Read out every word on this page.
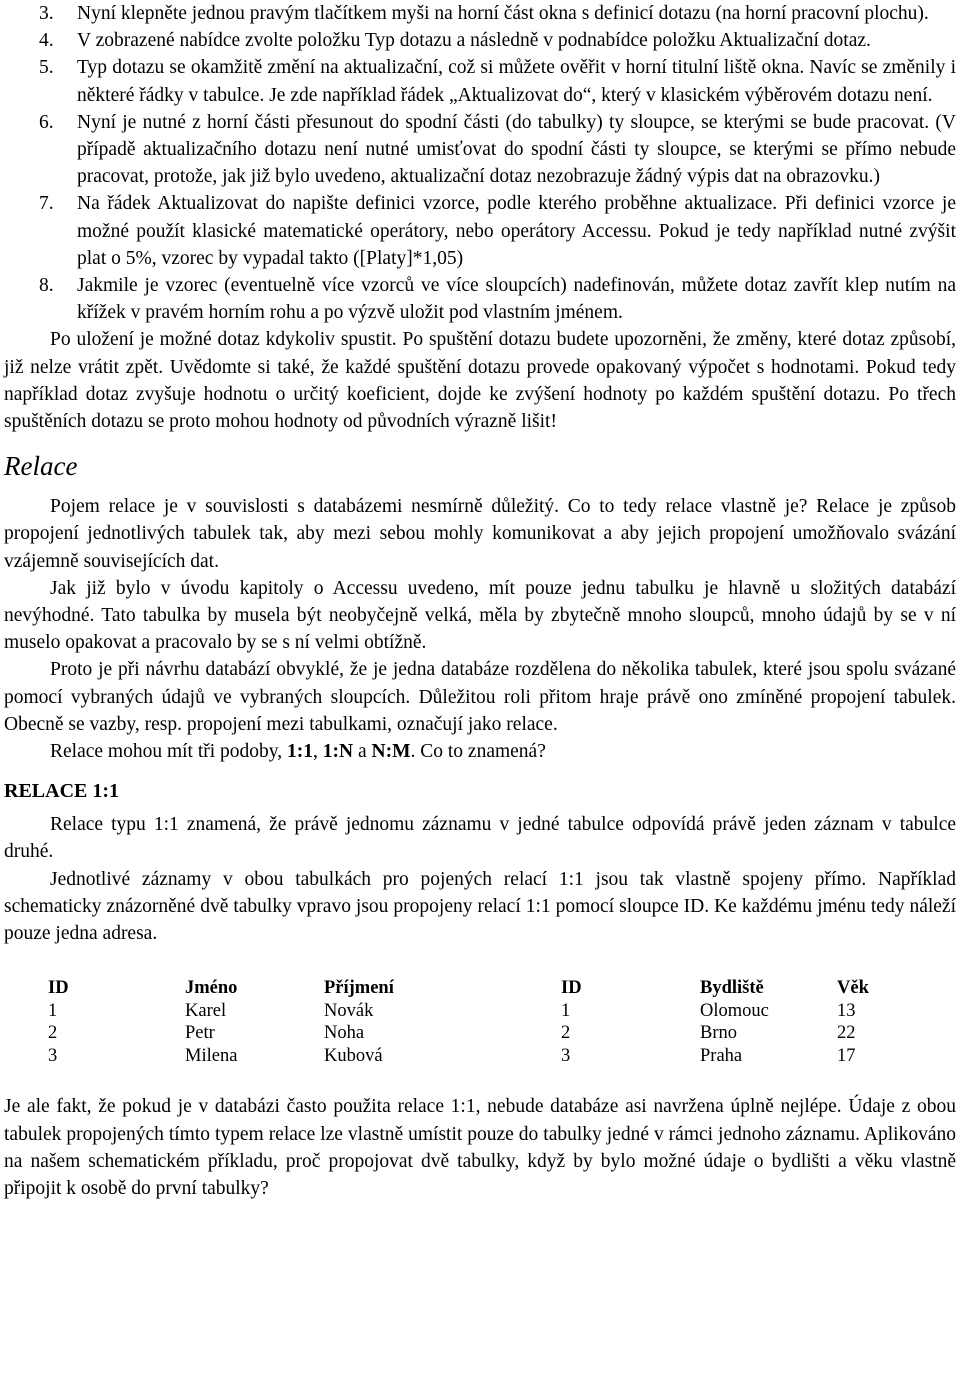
3. Nyní klepněte jednou pravým tlačítkem myši na horní část okna s definicí dotazu (na horní pracovní plochu).
4. V zobrazené nabídce zvolte položku Typ dotazu a následně v podnabídce položku Aktualizační dotaz.
5. Typ dotazu se okamžitě změní na aktualizační, což si můžete ověřit v horní titulní liště okna. Navíc se změnily i některé řádky v tabulce. Je zde například řádek „Aktualizovat do“, který v klasickém výběrovém dotazu není.
6. Nyní je nutné z horní části přesunout do spodní části (do tabulky) ty sloupce, se kterými se bude pracovat. (V případě aktualizačního dotazu není nutné umisťovat do spodní části ty sloupce, se kterými se přímo nebude pracovat, protože, jak již bylo uvedeno, aktualizační dotaz nezobrazuje žádný výpis dat na obrazovku.)
7. Na řádek Aktualizovat do napište definici vzorce, podle kterého proběhne aktualizace. Při definici vzorce je možné použít klasické matematické operátory, nebo operátory Accessu. Pokud je tedy například nutné zvýšit plat o 5%, vzorec by vypadal takto ([Platy]*1,05)
8. Jakmile je vzorec (eventuelně více vzorců ve více sloupcích) nadefinován, můžete dotaz zavřít klep nutím na křížek v pravém horním rohu a po výzvě uložit pod vlastním jménem.

Po uložení je možné dotaz kdykoliv spustit. Po spuštění dotazu budete upozorněni, že změny, které dotaz způsobí, již nelze vrátit zpět. Uvědomte si také, že každé spuštění dotazu provede opakovaný výpočet s hodnotami. Pokud tedy například dotaz zvyšuje hodnotu o určitý koeficient, dojde ke zvýšení hodnoty po každém spuštění dotazu. Po třech spuštěních dotazu se proto mohou hodnoty od původních výrazně lišit!

Relace

Pojem relace je v souvislosti s databázemi nesmírně důležitý. Co to tedy relace vlastně je? Relace je způsob propojení jednotlivých tabulek tak, aby mezi sebou mohly komunikovat a aby jejich propojení umožňovalo svázání vzájemně souvisejících dat.

Jak již bylo v úvodu kapitoly o Accessu uvedeno, mít pouze jednu tabulku je hlavně u složitých databází nevýhodné. Tato tabulka by musela být neobyčejně velká, měla by zbytečně mnoho sloupců, mnoho údajů by se v ní muselo opakovat a pracovalo by se s ní velmi obtížně.

Proto je při návrhu databází obvyklé, že je jedna databáze rozdělena do několika tabulek, které jsou spolu svázané pomocí vybraných údajů ve vybraných sloupcích. Důležitou roli přitom hraje právě ono zmíněné propojení tabulek. Obecně se vazby, resp. propojení mezi tabulkami, označují jako relace.

Relace mohou mít tři podoby, 1:1, 1:N a N:M. Co to znamená?

RELACE 1:1

Relace typu 1:1 znamená, že právě jednomu záznamu v jedné tabulce odpovídá právě jeden záznam v tabulce druhé.

Jednotlivé záznamy v obou tabulkách pro pojených relací 1:1 jsou tak vlastně spojeny přímo. Například schematicky znázorněné dvě tabulky vpravo jsou propojeny relací 1:1 pomocí sloupce ID. Ke každému jménu tedy náleží pouze jedna adresa.

ID	Jméno	Příjmení	ID	Bydliště	Věk
1	Karel	Novák	1	Olomouc	13
2	Petr	Noha	2	Brno	22
3	Milena	Kubová	3	Praha	17

Je ale fakt, že pokud je v databázi často použita relace 1:1, nebude databáze asi navržena úplně nejlépe. Údaje z obou tabulek propojených tímto typem relace lze vlastně umístit pouze do tabulky jedné v rámci jednoho záznamu. Aplikováno na našem schematickém příkladu, proč propojovat dvě tabulky, když by bylo možné údaje o bydlišti a věku vlastně připojit k osobě do první tabulky?
